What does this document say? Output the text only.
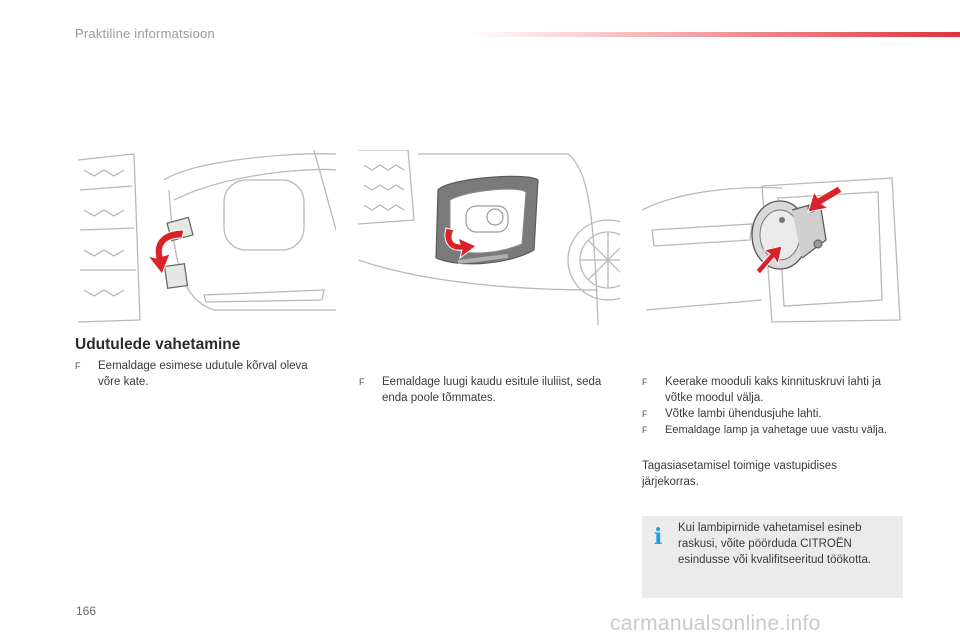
Praktiline informatsioon
Udutulede vahetamine
F	Eemaldage esimese udutule kõrval oleva võre kate.	F	Eemaldage luugi kaudu esitule iluliist, seda enda poole tõmmates.
F	Keerake mooduli kaks kinnituskruvi lahti ja võtke moodul välja.
F	Võtke lambi ühendusjuhe lahti.
F	Eemaldage lamp ja vahetage uue vastu välja.
Tagasiasetamisel toimige vastupidises järjekorras.
i Kui lambipirnide vahetamisel esineb raskusi, võite pöörduda CITROËN esindusse või kvalifitseeritud töökotta.
166
carmanualsonline.info
